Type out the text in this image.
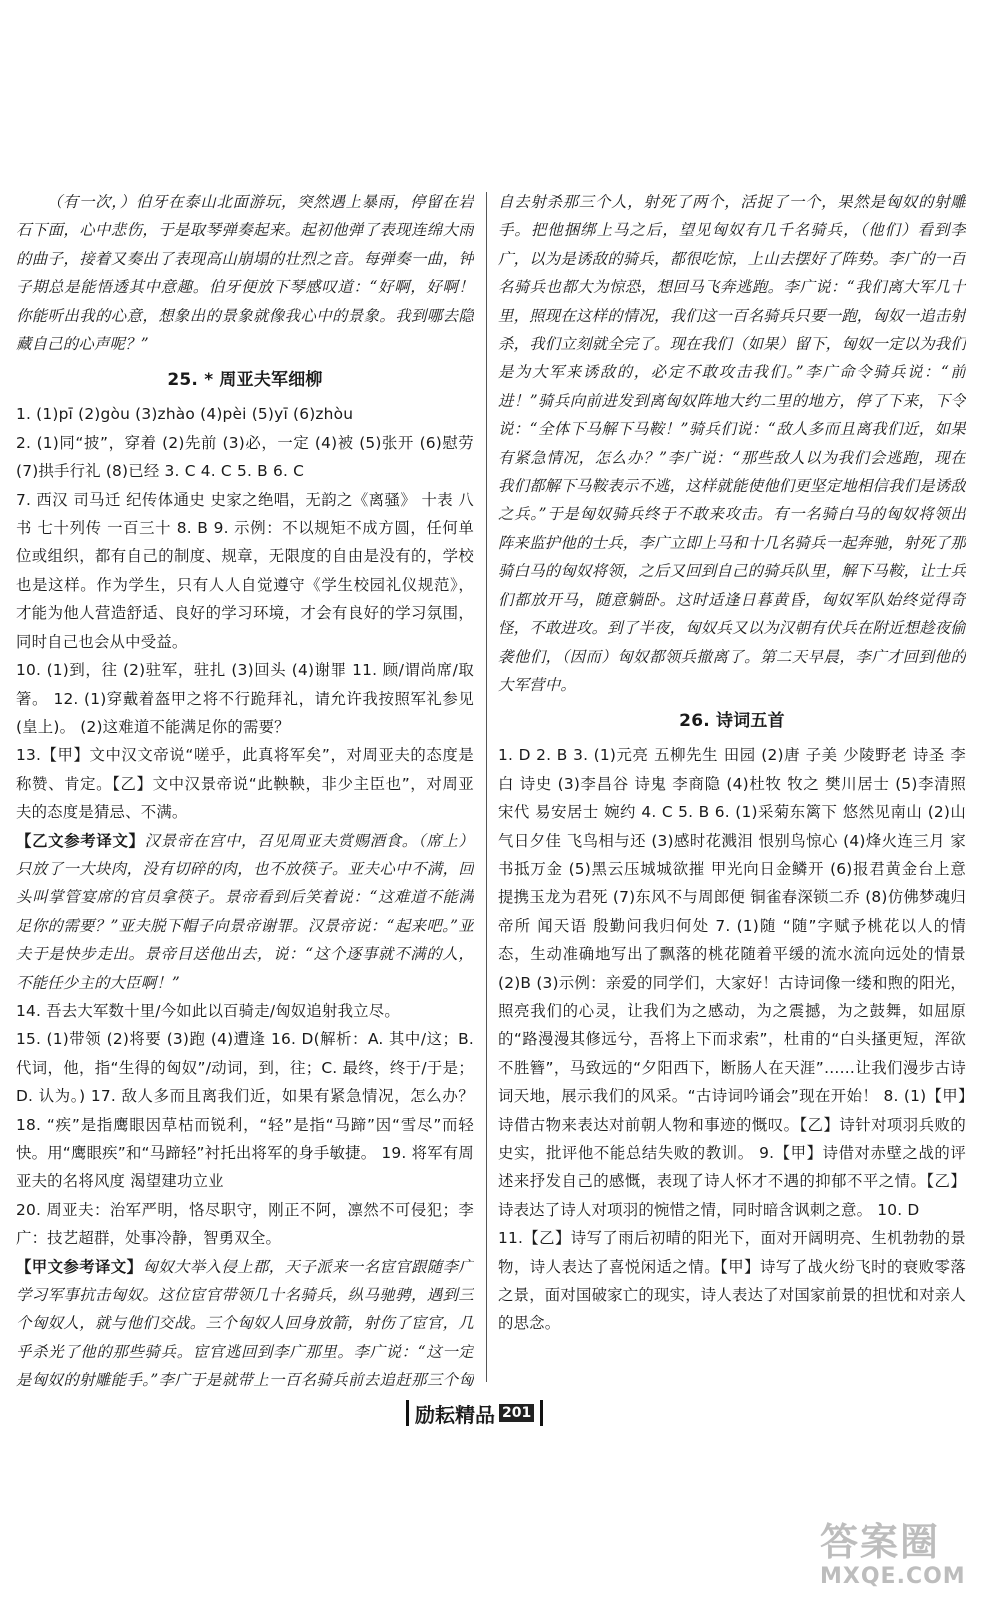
（有一次，）伯牙在泰山北面游玩，突然遇上暴雨，停留在岩石下面，心中悲伤，于是取琴弹奏起来。起初他弹了表现连绵大雨的曲子，接着又奏出了表现高山崩塌的壮烈之音。每弹奏一曲，钟子期总是能悟透其中意趣。伯牙便放下琴感叹道：“好啊，好啊！你能听出我的心意，想象出的景象就像我心中的景象。我到哪去隐藏自己的心声呢？”

25. * 周亚夫军细柳

1. (1)pī (2)gòu (3)zhào (4)pèi (5)yī (6)zhòu

2. (1)同“披”，穿着 (2)先前 (3)必，一定 (4)被 (5)张开 (6)慰劳 (7)拱手行礼 (8)已经 3. C 4. C 5. B 6. C

7. 西汉 司马迁 纪传体通史 史家之绝唱，无韵之《离骚》 十表 八书 七十列传 一百三十 8. B 9. 示例：不以规矩不成方圆，任何单位或组织，都有自己的制度、规章，无限度的自由是没有的，学校也是这样。作为学生，只有人人自觉遵守《学生校园礼仪规范》，才能为他人营造舒适、良好的学习环境，才会有良好的学习氛围，同时自己也会从中受益。

10. (1)到，往 (2)驻军，驻扎 (3)回头 (4)谢罪 11. 顾/谓尚席/取箸。 12. (1)穿戴着盔甲之将不行跪拜礼，请允许我按照军礼参见(皇上)。 (2)这难道不能满足你的需要？

13.【甲】文中汉文帝说“嗟乎，此真将军矣”，对周亚夫的态度是称赞、肯定。【乙】文中汉景帝说“此鞅鞅，非少主臣也”，对周亚夫的态度是猜忌、不满。

【乙文参考译文】汉景帝在宫中，召见周亚夫赏赐酒食。（席上）只放了一大块肉，没有切碎的肉，也不放筷子。亚夫心中不满，回头叫掌管宴席的官员拿筷子。景帝看到后笑着说：“这难道不能满足你的需要？”亚夫脱下帽子向景帝谢罪。汉景帝说：“起来吧。”亚夫于是快步走出。景帝目送他出去，说：“这个逐事就不满的人，不能任少主的大臣啊！”

14. 吾去大军数十里/今如此以百骑走/匈奴追射我立尽。

15. (1)带领 (2)将要 (3)跑 (4)遭逢 16. D(解析：A. 其中/这；B. 代词，他，指“生得的匈奴”/动词，到，往；C. 最终，终于/于是；D. 认为。) 17. 敌人多而且离我们近，如果有紧急情况，怎么办？ 18. “疾”是指鹰眼因草枯而锐利，“轻”是指“马蹄”因“雪尽”而轻快。用“鹰眼疾”和“马蹄轻”衬托出将军的身手敏捷。 19. 将军有周亚夫的名将风度 渴望建功立业

20. 周亚夫：治军严明，恪尽职守，刚正不阿，凛然不可侵犯；李广：技艺超群，处事冷静，智勇双全。

【甲文参考译文】匈奴大举入侵上郡，天子派来一名宦官跟随李广学习军事抗击匈奴。这位宦官带领几十名骑兵，纵马驰骋，遇到三个匈奴人，就与他们交战。三个匈奴人回身放箭，射伤了宦官，几乎杀光了他的那些骑兵。宦官逃回到李广那里。李广说：“这一定是匈奴的射雕能手。”李广于是就带上一百名骑兵前去追赶那三个匈

自去射杀那三个人，射死了两个，活捉了一个，果然是匈奴的射雕手。把他捆绑上马之后，望见匈奴有几千名骑兵，（他们）看到李广，以为是诱敌的骑兵，都很吃惊，上山去摆好了阵势。李广的一百名骑兵也都大为惊恐，想回马飞奔逃跑。李广说：“我们离大军几十里，照现在这样的情况，我们这一百名骑兵只要一跑，匈奴一追击射杀，我们立刻就全完了。现在我们（如果）留下，匈奴一定以为我们是为大军来诱敌的，必定不敢攻击我们。”李广命令骑兵说：“前进！”骑兵向前进发到离匈奴阵地大约二里的地方，停了下来，下令说：“全体下马解下马鞍！”骑兵们说：“敌人多而且离我们近，如果有紧急情况，怎么办？”李广说：“那些敌人以为我们会逃跑，现在我们都解下马鞍表示不逃，这样就能使他们更坚定地相信我们是诱敌之兵。”于是匈奴骑兵终于不敢来攻击。有一名骑白马的匈奴将领出阵来监护他的士兵，李广立即上马和十几名骑兵一起奔驰，射死了那骑白马的匈奴将领，之后又回到自己的骑兵队里，解下马鞍，让士兵们都放开马，随意躺卧。这时适逢日暮黄昏，匈奴军队始终觉得奇怪，不敢进攻。到了半夜，匈奴兵又以为汉朝有伏兵在附近想趁夜偷袭他们，（因而）匈奴都领兵撤离了。第二天早晨，李广才回到他的大军营中。

26. 诗词五首

1. D 2. B 3. (1)元亮 五柳先生 田园 (2)唐 子美 少陵野老 诗圣 李白 诗史 (3)李昌谷 诗鬼 李商隐 (4)杜牧 牧之 樊川居士 (5)李清照 宋代 易安居士 婉约 4. C 5. B 6. (1)采菊东篱下 悠然见南山 (2)山气日夕佳 飞鸟相与还 (3)感时花溅泪 恨别鸟惊心 (4)烽火连三月 家书抵万金 (5)黑云压城城欲摧 甲光向日金鳞开 (6)报君黄金台上意 提携玉龙为君死 (7)东风不与周郎便 铜雀春深锁二乔 (8)仿佛梦魂归帝所 闻天语 殷勤问我归何处 7. (1)随 “随”字赋予桃花以人的情态，生动准确地写出了飘落的桃花随着平缓的流水流向远处的情景 (2)B (3)示例：亲爱的同学们，大家好！古诗词像一缕和煦的阳光，照亮我们的心灵，让我们为之感动，为之震撼，为之鼓舞，如屈原的“路漫漫其修远兮，吾将上下而求索”，杜甫的“白头搔更短，浑欲不胜簪”，马致远的“夕阳西下，断肠人在天涯”……让我们漫步古诗词天地，展示我们的风采。“古诗词吟诵会”现在开始！ 8. (1)【甲】诗借古物来表达对前朝人物和事迹的慨叹。【乙】诗针对项羽兵败的史实，批评他不能总结失败的教训。 9.【甲】诗借对赤壁之战的评述来抒发自己的感慨，表现了诗人怀才不遇的抑郁不平之情。【乙】诗表达了诗人对项羽的惋惜之情，同时暗含讽刺之意。 10. D

11.【乙】诗写了雨后初晴的阳光下，面对开阔明亮、生机勃勃的景物，诗人表达了喜悦闲适之情。【甲】诗写了战火纷飞时的衰败零落之景，面对国破家亡的现实，诗人表达了对国家前景的担忧和对亲人的思念。

励耘精品 201
答案圈
MXQE.COM
